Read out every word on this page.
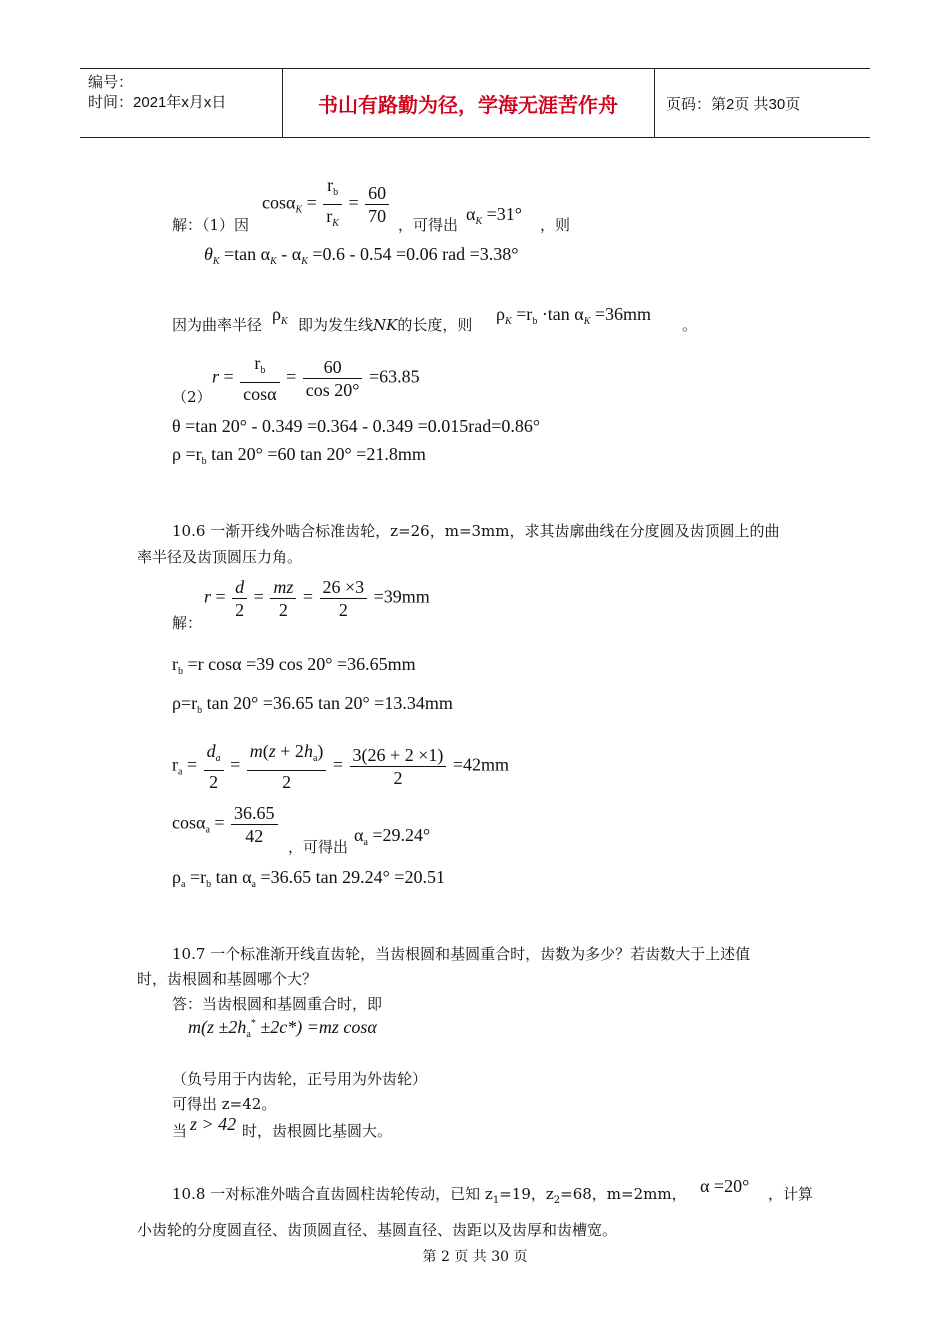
编号：
时间：2021年x月x日	书山有路勤为径，学海无涯苦作舟	页码：第2页 共30页
$\cos\alpha_K = \frac{r_b}{r_K} = \frac{60}{70}$
解：（1）因	，可得出
$\alpha_K =31^\circ$
，则
$\theta_K =\tan$ $\alpha_K - \alpha_K =0.6 - 0.54 =0.06$ rad =3.38°
因为曲率半径
$\rho_K$ 即为发生线NK的长度，则
$\rho_K =r_b \cdot\tan$ $\alpha_K =36mm$
。
（2）
$r = \frac{r_b}{\cos\alpha} = \frac{60}{\cos 20^\circ} =63.85$
θ =tan 20° - 0.349 =0.364 - 0.349 =0.015rad=0.86°
$\rho =r_b$ tan 20° =60 tan 20° =21.8mm
10.6 一渐开线外啮合标准齿轮，z=26，m=3mm，求其齿廓曲线在分度圆及齿顶圆上的曲
率半径及齿顶圆压力角。
解：
$r = \frac{d}{2} = \frac{mz}{2} = \frac{26 \times 3}{2} =39mm$
$r_b =r$ cosα =39 cos 20° =36.65mm
$\rho=r_b$ tan 20° =36.65 tan 20° =13.34mm
$r_a = \frac{d_a}{2} = \frac{m(z + 2h_a)}{2} = \frac{3(26 + 2 \times 1)}{2} =42mm$
$\cos\alpha_a = \frac{36.65}{42}$ ，可得出
$\alpha_a =29.24^\circ$
$\rho_a =r_b$ $\tan \alpha_a =36.65$ tan 29.24° =20.51
10.7 一个标准渐开线直齿轮，当齿根圆和基圆重合时，齿数为多少？若齿数大于上述值
时，齿根圆和基圆哪个大？
答：当齿根圆和基圆重合时，即
$m(z \pm 2h_a^* \pm 2c*) =mz$ cosα
（负号用于内齿轮，正号用为外齿轮）
可得出 z=42。
当 z > 42 时，齿根圆比基圆大。
10.8 一对标准外啮合直齿圆柱齿轮传动，已知 $z_1=19$，$z_2=68$，m=2mm， α =20° ，计算
小齿轮的分度圆直径、齿顶圆直径、基圆直径、齿距以及齿厚和齿槽宽。
第 2 页 共 30 页
